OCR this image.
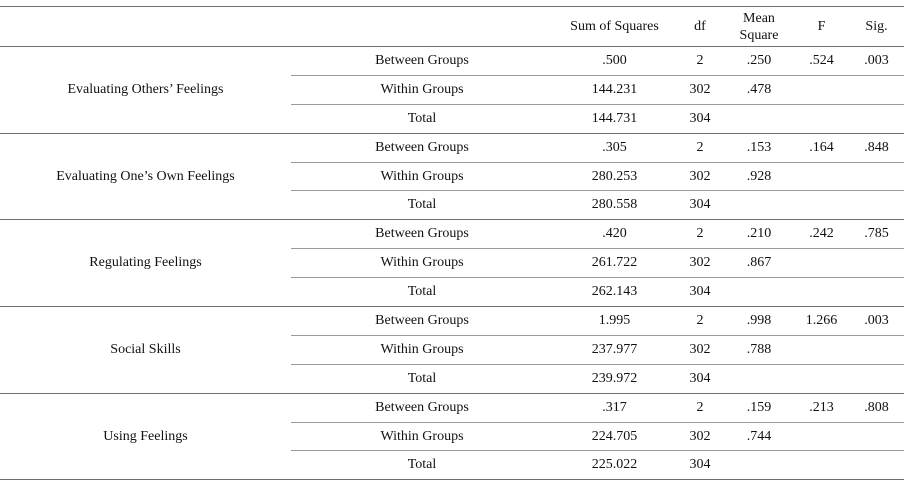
		Sum of Squares	df	Mean Square	F	Sig.
Evaluating Others’ Feelings	Between Groups	.500	2	.250	.524	.003
	Within Groups	144.231	302	.478		
	Total	144.731	304			
Evaluating One’s Own Feelings	Between Groups	.305	2	.153	.164	.848
	Within Groups	280.253	302	.928		
	Total	280.558	304			
Regulating Feelings	Between Groups	.420	2	.210	.242	.785
	Within Groups	261.722	302	.867		
	Total	262.143	304			
Social Skills	Between Groups	1.995	2	.998	1.266	.003
	Within Groups	237.977	302	.788		
	Total	239.972	304			
Using Feelings	Between Groups	.317	2	.159	.213	.808
	Within Groups	224.705	302	.744		
	Total	225.022	304			
